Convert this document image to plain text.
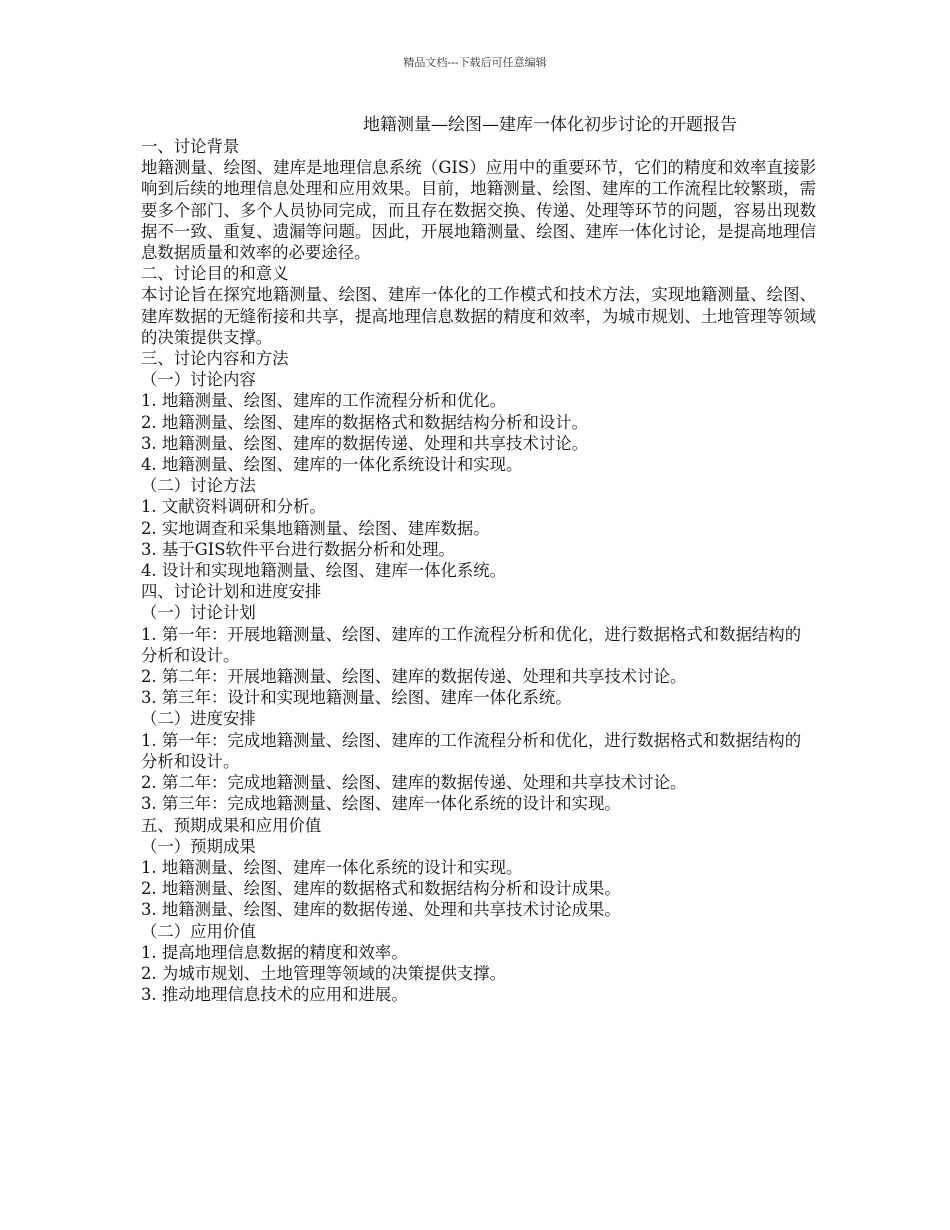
精品文档---下载后可任意编辑
地籍测量—绘图—建库一体化初步讨论的开题报告

一、讨论背景

地籍测量、绘图、建库是地理信息系统（GIS）应用中的重要环节，它们的精度和效率直接影响到后续的地理信息处理和应用效果。目前，地籍测量、绘图、建库的工作流程比较繁琐，需要多个部门、多个人员协同完成，而且存在数据交换、传递、处理等环节的问题，容易出现数据不一致、重复、遗漏等问题。因此，开展地籍测量、绘图、建库一体化讨论，是提高地理信息数据质量和效率的必要途径。

二、讨论目的和意义

本讨论旨在探究地籍测量、绘图、建库一体化的工作模式和技术方法，实现地籍测量、绘图、建库数据的无缝衔接和共享，提高地理信息数据的精度和效率，为城市规划、土地管理等领域的决策提供支撑。

三、讨论内容和方法

（一）讨论内容

1. 地籍测量、绘图、建库的工作流程分析和优化。

2. 地籍测量、绘图、建库的数据格式和数据结构分析和设计。

3. 地籍测量、绘图、建库的数据传递、处理和共享技术讨论。

4. 地籍测量、绘图、建库的一体化系统设计和实现。

（二）讨论方法

1. 文献资料调研和分析。

2. 实地调查和采集地籍测量、绘图、建库数据。

3. 基于GIS软件平台进行数据分析和处理。

4. 设计和实现地籍测量、绘图、建库一体化系统。

四、讨论计划和进度安排

（一）讨论计划

1. 第一年：开展地籍测量、绘图、建库的工作流程分析和优化，进行数据格式和数据结构的分析和设计。

2. 第二年：开展地籍测量、绘图、建库的数据传递、处理和共享技术讨论。

3. 第三年：设计和实现地籍测量、绘图、建库一体化系统。

（二）进度安排

1. 第一年：完成地籍测量、绘图、建库的工作流程分析和优化，进行数据格式和数据结构的分析和设计。

2. 第二年：完成地籍测量、绘图、建库的数据传递、处理和共享技术讨论。

3. 第三年：完成地籍测量、绘图、建库一体化系统的设计和实现。

五、预期成果和应用价值

（一）预期成果

1. 地籍测量、绘图、建库一体化系统的设计和实现。

2. 地籍测量、绘图、建库的数据格式和数据结构分析和设计成果。

3. 地籍测量、绘图、建库的数据传递、处理和共享技术讨论成果。

（二）应用价值

1. 提高地理信息数据的精度和效率。

2. 为城市规划、土地管理等领域的决策提供支撑。

3. 推动地理信息技术的应用和进展。
